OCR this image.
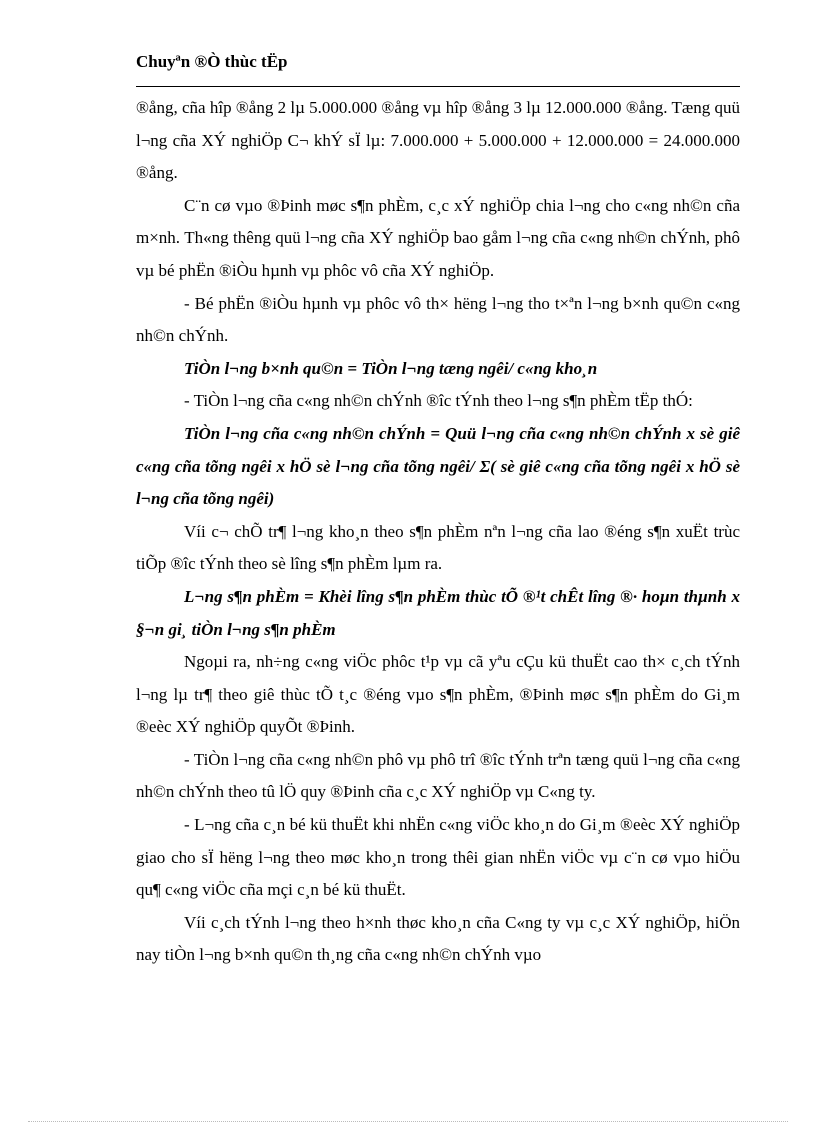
Chuyªn ®Ò thùc tËp

®ång, cña hîp ®ång 2 lµ 5.000.000 ®ång vµ hîp ®ång 3 lµ 12.000.000 ®ång. Tæng quü l¬ng cña XÝ nghiÖp C¬ khÝ sÏ lµ: 7.000.000 + 5.000.000 + 12.000.000 = 24.000.000 ®ång.

C¨n cø vµo ®Þinh møc s¶n phÈm, c¸c xÝ nghiÖp chia l¬ng cho c«ng nh©n cña m×nh. Th«ng thêng quü l¬ng cña XÝ nghiÖp bao gåm l¬ng cña c«ng nh©n chÝnh, phô vµ bé phËn ®iÒu hµnh vµ phôc vô cña XÝ nghiÖp.

- Bé phËn ®iÒu hµnh vµ phôc vô th× hëng l¬ng tho t×ªn l¬ng b×nh qu©n c«ng nh©n chÝnh.

TiÒn l¬ng b×nh qu©n = TiÒn l¬ng tæng ngêi/ c«ng kho¸n

- TiÒn l¬ng cña c«ng nh©n chÝnh ®îc tÝnh theo l¬ng s¶n phÈm tËp thÓ:

TiÒn l¬ng cña c«ng nh©n chÝnh = Quü l¬ng cña c«ng nh©n chÝnh x sè giê c«ng cña tõng ngêi x hÖ sè l¬ng cña tõng ngêi/ Σ( sè giê c«ng cña tõng ngêi x hÖ sè l¬ng cña tõng ngêi)

Víi c¬ chÕ tr¶ l¬ng kho¸n theo s¶n phÈm nªn l¬ng cña lao ®éng s¶n xuËt trùc tiÕp ®îc tÝnh theo sè lîng s¶n phÈm lµm ra.

L¬ng s¶n phÈm = Khèi lîng s¶n phÈm thùc tÕ ®¹t chÊt lîng ®· hoµn thµnh x §¬n gi¸ tiÒn l¬ng s¶n phÈm

Ngoµi ra, nh÷ng c«ng viÖc phôc t¹p vµ cã yªu cÇu kü thuËt cao th× c¸ch tÝnh l¬ng lµ tr¶ theo giê thùc tÕ t¸c ®éng vµo s¶n phÈm, ®Þinh møc s¶n phÈm do Gi¸m ®eèc XÝ nghiÖp quyÕt ®Þinh.

- TiÒn l¬ng cña c«ng nh©n phô vµ phô trî ®îc tÝnh trªn tæng quü l¬ng cña c«ng nh©n chÝnh theo tû lÖ quy ®Þinh cña c¸c XÝ nghiÖp vµ C«ng ty.

- L¬ng cña c¸n bé kü thuËt khi nhËn c«ng viÖc kho¸n do Gi¸m ®eèc XÝ nghiÖp giao cho sÏ hëng l¬ng theo møc kho¸n trong thêi gian nhËn viÖc vµ c¨n cø vµo hiÖu qu¶ c«ng viÖc cña mçi c¸n bé kü thuËt.

Víi c¸ch tÝnh l¬ng theo h×nh thøc kho¸n cña C«ng ty vµ c¸c XÝ nghiÖp, hiÖn nay tiÒn l¬ng b×nh qu©n th¸ng cña c«ng nh©n chÝnh vµo
